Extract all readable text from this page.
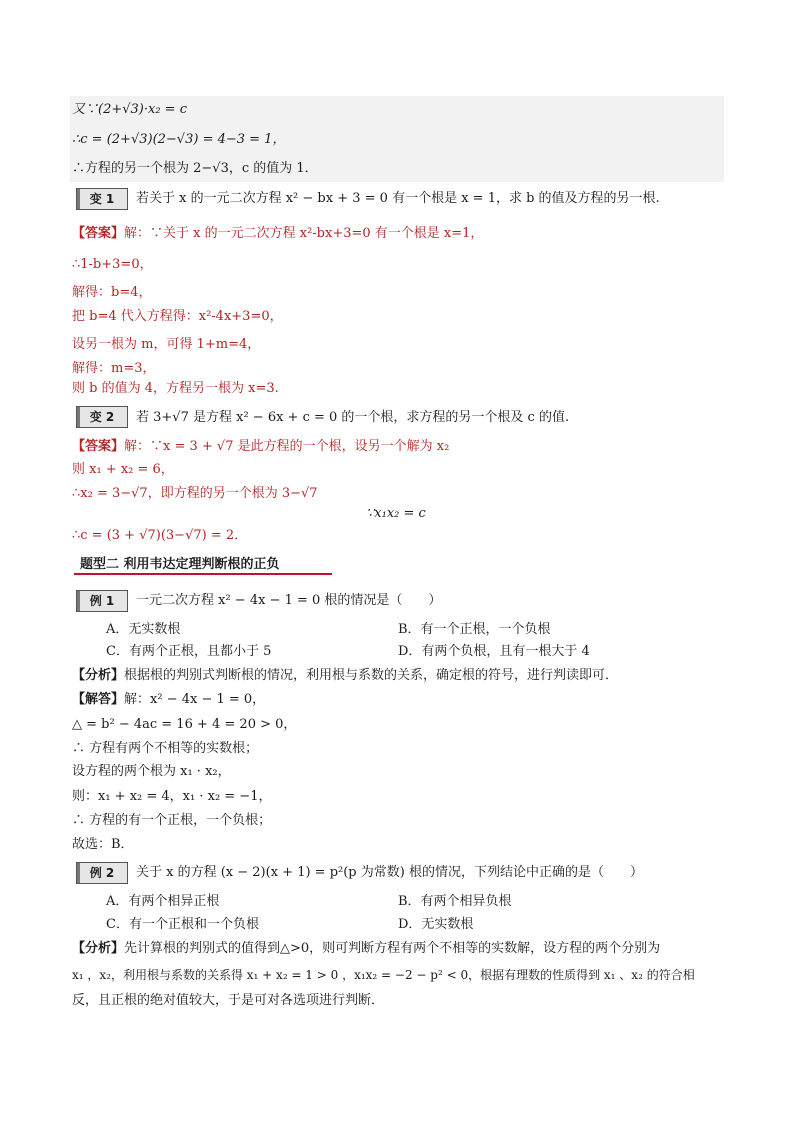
又∵(2+√3)·x₂ = c
∴c = (2+√3)(2−√3) = 4−3 = 1，
∴方程的另一个根为 2−√3，c 的值为 1．
变 1	若关于 x 的一元二次方程 x² − bx + 3 = 0 有一个根是 x = 1，求 b 的值及方程的另一根.
【答案】解：∵关于 x 的一元二次方程 x²-bx+3=0 有一个根是 x=1，
∴1-b+3=0，
解得：b=4，
把 b=4 代入方程得：x²-4x+3=0，
设另一根为 m，可得 1+m=4，
解得：m=3，
则 b 的值为 4，方程另一根为 x=3.
变 2	若 3+√7 是方程 x² − 6x + c = 0 的一个根，求方程的另一个根及 c 的值.
【答案】解：∵x = 3 + √7 是此方程的一个根，设另一个解为 x₂
则 x₁ + x₂ = 6，
∴x₂ = 3−√7，即方程的另一个根为 3−√7
∵x₁x₂ = c
∴c = (3 + √7)(3−√7) = 2．
题型二 利用韦达定理判断根的正负
例 1	一元二次方程 x² − 4x − 1 = 0 根的情况是（　　）
A．无实数根	B．有一个正根，一个负根
C．有两个正根，且都小于 5	D．有两个负根，且有一根大于 4
【分析】根据根的判别式判断根的情况，利用根与系数的关系，确定根的符号，进行判读即可．
【解答】解：x² − 4x − 1 = 0，
△ = b² − 4ac = 16 + 4 = 20 > 0，
∴ 方程有两个不相等的实数根；
设方程的两个根为 x₁ · x₂，
则：x₁ + x₂ = 4，x₁ · x₂ = −1，
∴ 方程的有一个正根，一个负根；
故选：B．
例 2	关于 x 的方程 (x − 2)(x + 1) = p²(p 为常数) 根的情况，下列结论中正确的是（　　）
A．有两个相异正根	B．有两个相异负根
C．有一个正根和一个负根	D．无实数根
【分析】先计算根的判别式的值得到△>0，则可判断方程有两个不相等的实数解，设方程的两个分别为
x₁ ，x₂，利用根与系数的关系得 x₁ + x₂ = 1 > 0 ，x₁x₂ = −2 − p² < 0，根据有理数的性质得到 x₁ 、x₂ 的符合相
反，且正根的绝对值较大，于是可对各选项进行判断．
